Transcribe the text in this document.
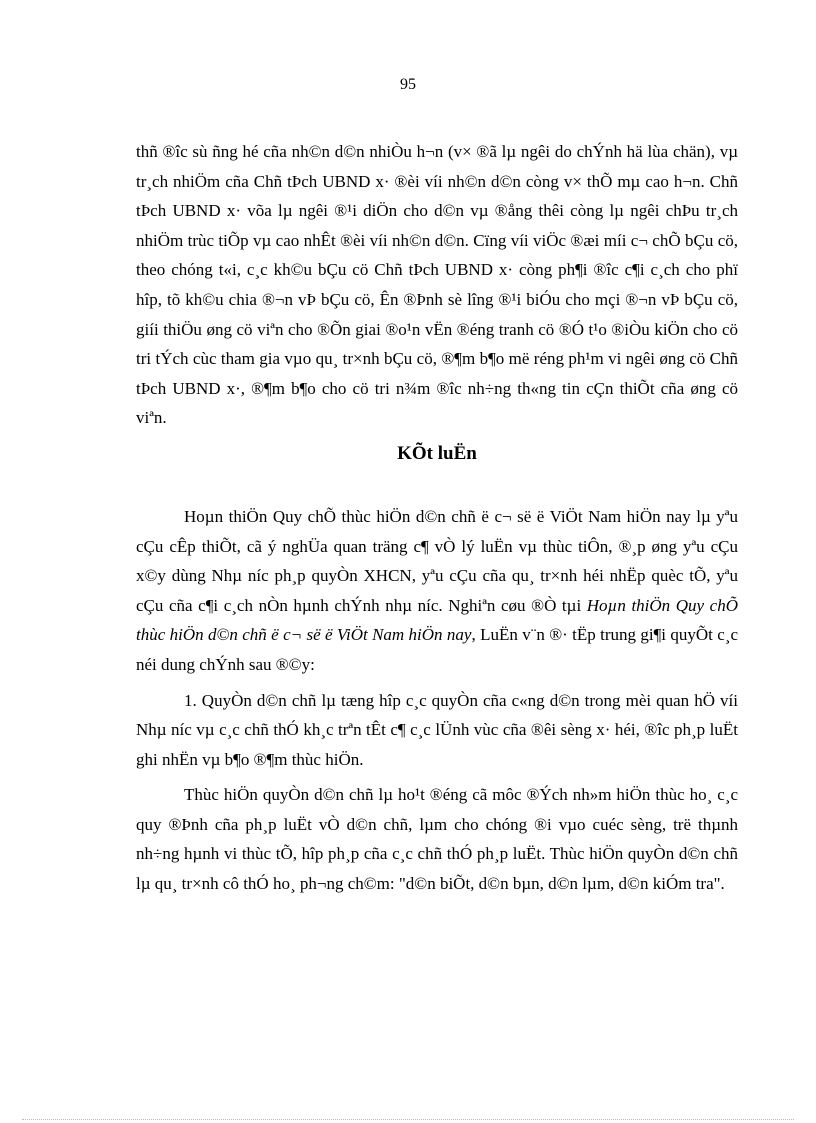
95

thñ ®îc sù ñng hé cña nh©n d©n nhiÒu h¬n (v× ®ã lµ ngêi do chÝnh hä lùa chän), vµ tr¸ch nhiÖm cña Chñ tÞch UBND x· ®èi víi nh©n d©n còng v× thÕ mµ cao h¬n. Chñ tÞch UBND x· võa lµ ngêi ®¹i diÖn cho d©n vµ ®ång thêi còng lµ ngêi chÞu tr¸ch nhiÖm trùc tiÕp vµ cao nhÊt ®èi víi nh©n d©n. Cïng víi viÖc ®æi míi c¬ chÕ bÇu cö, theo chóng t«i, c¸c kh©u bÇu cö Chñ tÞch UBND x· còng ph¶i ®îc c¶i c¸ch cho phï hîp, tõ kh©u chia ®¬n vÞ bÇu cö, Ên ®Þnh sè lîng ®¹i biÓu cho mçi ®¬n vÞ bÇu cö, giíi thiÖu øng cö viªn cho ®Õn giai ®o¹n vËn ®éng tranh cö ®Ó t¹o ®iÒu kiÖn cho cö tri tÝch cùc tham gia vµo qu¸ tr×nh bÇu cö, ®¶m b¶o më réng ph¹m vi ngêi øng cö Chñ tÞch UBND x·, ®¶m b¶o cho cö tri n¾m ®îc nh÷ng th«ng tin cÇn thiÕt cña øng cö viªn.

KÕt luËn

Hoµn thiÖn Quy chÕ thùc hiÖn d©n chñ ë c¬ së ë ViÖt Nam hiÖn nay lµ yªu cÇu cÊp thiÕt, cã ý nghÜa quan träng c¶ vÒ lý luËn vµ thùc tiÔn, ®¸p øng yªu cÇu x©y dùng Nhµ níc ph¸p quyÒn XHCN, yªu cÇu cña qu¸ tr×nh héi nhËp quèc tÕ, yªu cÇu cña c¶i c¸ch nÒn hµnh chÝnh nhµ níc. Nghiªn cøu ®Ò tµi Hoµn thiÖn Quy chÕ thùc hiÖn d©n chñ ë c¬ së ë ViÖt Nam hiÖn nay, LuËn v¨n ®· tËp trung gi¶i quyÕt c¸c néi dung chÝnh sau ®©y:

1. QuyÒn d©n chñ lµ tæng hîp c¸c quyÒn cña c«ng d©n trong mèi quan hÖ víi Nhµ níc vµ c¸c chñ thÓ kh¸c trªn tÊt c¶ c¸c lÜnh vùc cña ®êi sèng x· héi, ®îc ph¸p luËt ghi nhËn vµ b¶o ®¶m thùc hiÖn.

Thùc hiÖn quyÒn d©n chñ lµ ho¹t ®éng cã môc ®Ých nh»m hiÖn thùc ho¸ c¸c quy ®Þnh cña ph¸p luËt vÒ d©n chñ, lµm cho chóng ®i vµo cuéc sèng, trë thµnh nh÷ng hµnh vi thùc tÕ, hîp ph¸p cña c¸c chñ thÓ ph¸p luËt. Thùc hiÖn quyÒn d©n chñ lµ qu¸ tr×nh cô thÓ ho¸ ph¬ng ch©m: "d©n biÕt, d©n bµn, d©n lµm, d©n kiÓm tra".
